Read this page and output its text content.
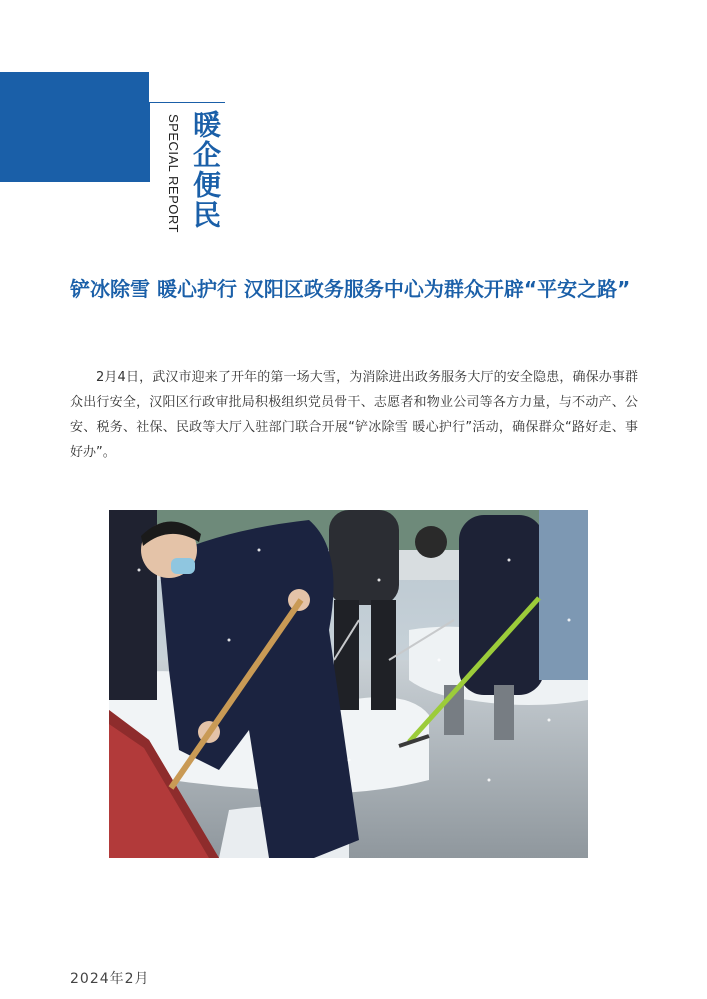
SPECIAL REPORT 暖企便民
铲冰除雪 暖心护行 汉阳区政务服务中心为群众开辟“平安之路”

2月4日，武汉市迎来了开年的第一场大雪，为消除进出政务服务大厅的安全隐患，确保办事群众出行安全，汉阳区行政审批局积极组织党员骨干、志愿者和物业公司等各方力量，与不动产、公安、税务、社保、民政等大厅入驻部门联合开展“铲冰除雪 暖心护行”活动，确保群众“路好走、事好办”。

2024年2月
